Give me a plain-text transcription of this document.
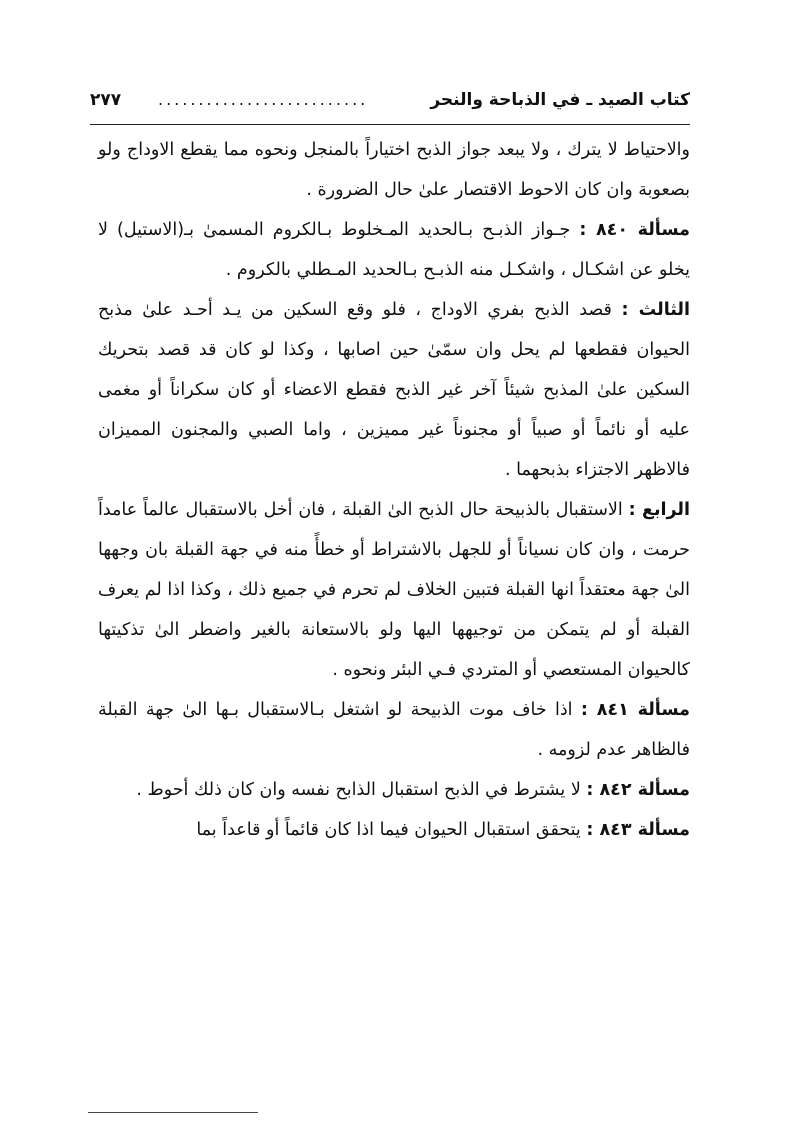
كتاب الصيد ـ في الذباحة والنحر
..........................
٢٧٧

والاحتياط لا يترك ، ولا يبعد جواز الذبح اختياراً بالمنجل ونحوه مما يقطع الاوداج ولو بصعوبة وان كان الاحوط الاقتصار علىٰ حال الضرورة .

مسألة ٨٤٠ : جـواز الذبـح بـالحديد المـخلوط بـالكروم المسمىٰ بـ(الاستيل) لا يخلو عن اشكـال ، واشكـل منه الذبـح بـالحديد المـطلي بالكروم .

الثالث : قصد الذبح بفري الاوداج ، فلو وقع السكين من يـد أحـد علىٰ مذبح الحيوان فقطعها لم يحل وان سمّىٰ حين اصابها ، وكذا لو كان قد قصد بتحريك السكين علىٰ المذبح شيئاً آخر غير الذبح فقطع الاعضاء أو كان سكراناً أو مغمى عليه أو نائماً أو صبياً أو مجنوناً غير مميزين ، واما الصبي والمجنون المميزان فالاظهر الاجتزاء بذبحهما .

الرابع : الاستقبال بالذبيحة حال الذبح الىٰ القبلة ، فان أخل بالاستقبال عالماً عامداً حرمت ، وان كان نسياناً أو للجهل بالاشتراط أو خطأً منه في جهة القبلة بان وجهها الىٰ جهة معتقداً انها القبلة فتبين الخلاف لم تحرم في جميع ذلك ، وكذا اذا لم يعرف القبلة أو لم يتمكن من توجيهها اليها ولو بالاستعانة بالغير واضطر الىٰ تذكيتها كالحيوان المستعصي أو المتردي فـي البئر ونحوه .

مسألة ٨٤١ : اذا خاف موت الذبيحة لو اشتغل بـالاستقبال بـها الىٰ جهة القبلة فالظاهر عدم لزومه .

مسألة ٨٤٢ : لا يشترط في الذبح استقبال الذابح نفسه وان كان ذلك أحوط .

مسألة ٨٤٣ : يتحقق استقبال الحيوان فيما اذا كان قائماً أو قاعداً بما
